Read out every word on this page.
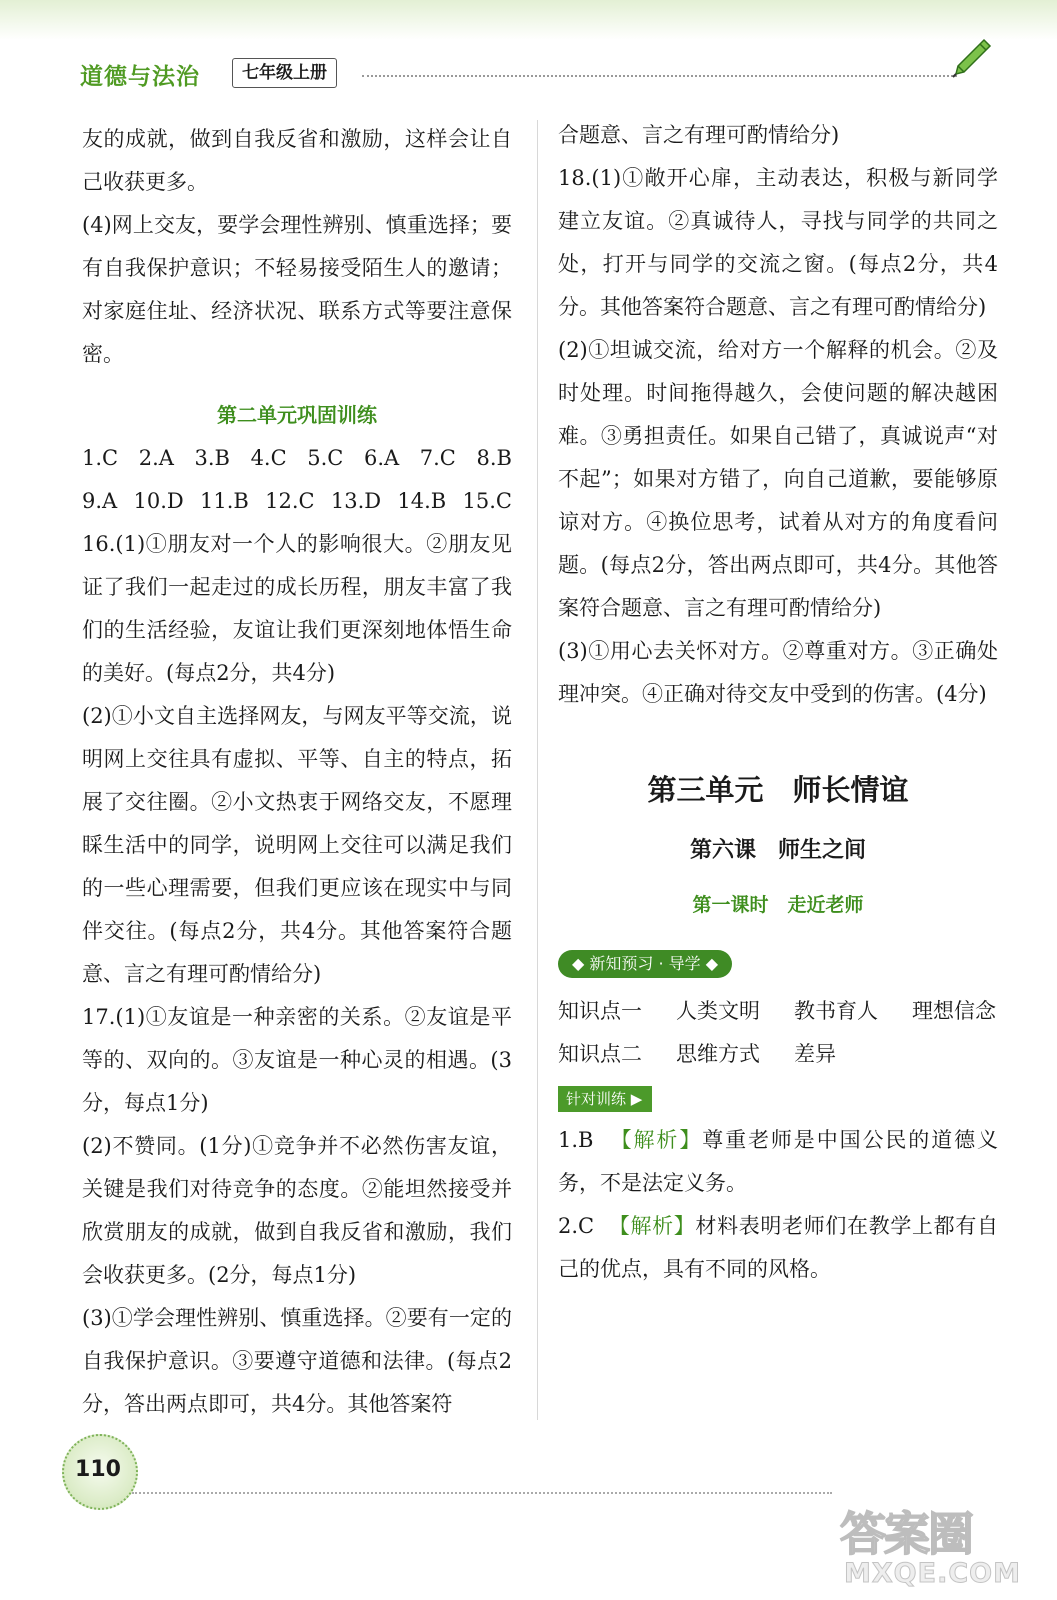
道德与法治	七年级上册

友的成就，做到自我反省和激励，这样会让自己收获更多。

(4)网上交友，要学会理性辨别、慎重选择；要有自我保护意识；不轻易接受陌生人的邀请；对家庭住址、经济状况、联系方式等要注意保密。

第二单元巩固训练

1.C 2.A 3.B 4.C 5.C 6.A 7.C 8.B
9.A 10.D 11.B 12.C 13.D 14.B 15.C

16.(1)①朋友对一个人的影响很大。②朋友见证了我们一起走过的成长历程，朋友丰富了我们的生活经验，友谊让我们更深刻地体悟生命的美好。(每点2分，共4分)

(2)①小文自主选择网友，与网友平等交流，说明网上交往具有虚拟、平等、自主的特点，拓展了交往圈。②小文热衷于网络交友，不愿理睬生活中的同学，说明网上交往可以满足我们的一些心理需要，但我们更应该在现实中与同伴交往。(每点2分，共4分。其他答案符合题意、言之有理可酌情给分)

17.(1)①友谊是一种亲密的关系。②友谊是平等的、双向的。③友谊是一种心灵的相遇。(3分，每点1分)

(2)不赞同。(1分)①竞争并不必然伤害友谊，关键是我们对待竞争的态度。②能坦然接受并欣赏朋友的成就，做到自我反省和激励，我们会收获更多。(2分，每点1分)

(3)①学会理性辨别、慎重选择。②要有一定的自我保护意识。③要遵守道德和法律。(每点2分，答出两点即可，共4分。其他答案符

合题意、言之有理可酌情给分)

18.(1)①敞开心扉，主动表达，积极与新同学建立友谊。②真诚待人，寻找与同学的共同之处，打开与同学的交流之窗。(每点2分，共4分。其他答案符合题意、言之有理可酌情给分)

(2)①坦诚交流，给对方一个解释的机会。②及时处理。时间拖得越久，会使问题的解决越困难。③勇担责任。如果自己错了，真诚说声“对不起”；如果对方错了，向自己道歉，要能够原谅对方。④换位思考，试着从对方的角度看问题。(每点2分，答出两点即可，共4分。其他答案符合题意、言之有理可酌情给分)

(3)①用心去关怀对方。②尊重对方。③正确处理冲突。④正确对待交友中受到的伤害。(4分)

第三单元　师长情谊

第六课　师生之间

第一课时　走近老师

◆ 新知预习 · 导学 ◆
知识点一 人类文明 教书育人 理想信念
知识点二 思维方式 差异
针对训练 ▶

1.B 【解析】尊重老师是中国公民的道德义务，不是法定义务。

2.C 【解析】材料表明老师们在教学上都有自己的优点，具有不同的风格。

110
答案圈
MXQE.COM
